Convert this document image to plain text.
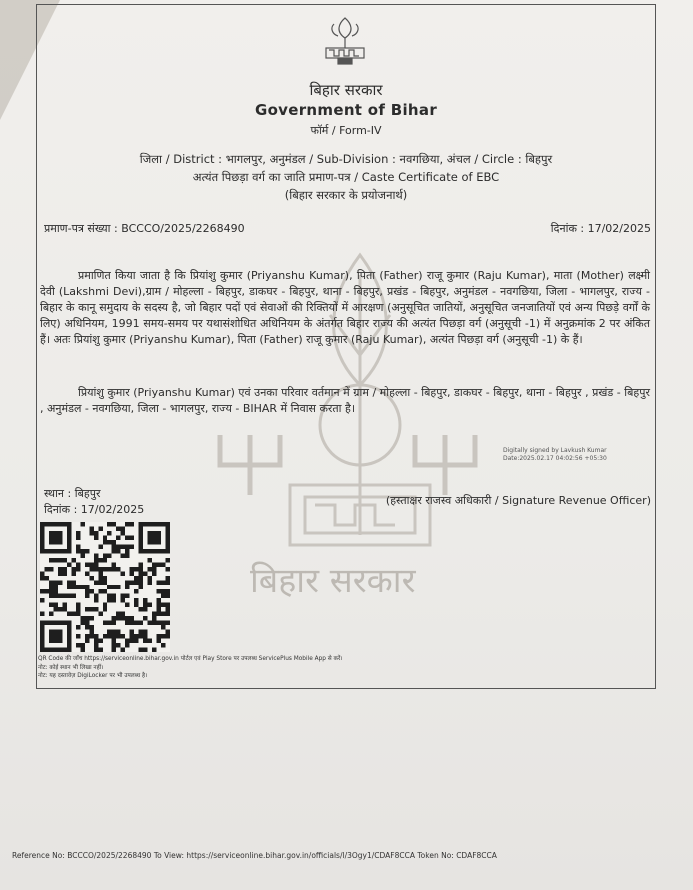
बिहार सरकार
बिहार सरकार
Government of Bihar
फॉर्म / Form-IV
जिला / District : भागलपुर, अनुमंडल / Sub-Division : नवगछिया, अंचल / Circle : बिहपुर
अत्यंत पिछड़ा वर्ग का जाति प्रमाण-पत्र / Caste Certificate of EBC
(बिहार सरकार के प्रयोजनार्थ)
प्रमाण-पत्र संख्या : BCCCO/2025/2268490	दिनांक : 17/02/2025

प्रमाणित किया जाता है कि प्रियांशु कुमार (Priyanshu Kumar), पिता (Father) राजू कुमार (Raju Kumar), माता (Mother) लक्ष्मी देवी (Lakshmi Devi),ग्राम / मोहल्ला - बिहपुर, डाकघर - बिहपुर, थाना - बिहपुर, प्रखंड - बिहपुर, अनुमंडल - नवगछिया, जिला - भागलपुर, राज्य - बिहार के कानू समुदाय के सदस्य है, जो बिहार पदों एवं सेवाओं की रिक्तियों में आरक्षण (अनुसूचित जातियों, अनुसूचित जनजातियों एवं अन्य पिछड़े वर्गों के लिए) अधिनियम, 1991 समय-समय पर यथासंशोधित अधिनियम के अंतर्गत बिहार राज्य की अत्यंत पिछड़ा वर्ग (अनुसूची -1) में अनुक्रमांक 2 पर अंकित हैं। अतः प्रियांशु कुमार (Priyanshu Kumar), पिता (Father) राजू कुमार (Raju Kumar), अत्यंत पिछड़ा वर्ग (अनुसूची -1) के हैं।

प्रियांशु कुमार (Priyanshu Kumar) एवं उनका परिवार वर्तमान में ग्राम / मोहल्ला - बिहपुर, डाकघर - बिहपुर, थाना - बिहपुर , प्रखंड - बिहपुर , अनुमंडल - नवगछिया, जिला - भागलपुर, राज्य - BIHAR में निवास करता है।

Digitally signed by Lavkush Kumar
Date:2025.02.17 04:02:56 +05:30
स्थान : बिहपुर
दिनांक : 17/02/2025
(हस्ताक्षर राजस्व अधिकारी / Signature Revenue Officer)
QR Code की जाँच https://serviceonline.bihar.gov.in पोर्टल एवं Play Store पर उपलब्ध ServicePlus Mobile App से करें।
नोट: कोई स्थान भी लिखा नहीं।
नोट: यह दस्तावेज़ DigiLocker पर भी उपलब्ध है।
Reference No: BCCCO/2025/2268490 To View: https://serviceonline.bihar.gov.in/officials/l/3Ogy1/CDAF8CCA Token No: CDAF8CCA
